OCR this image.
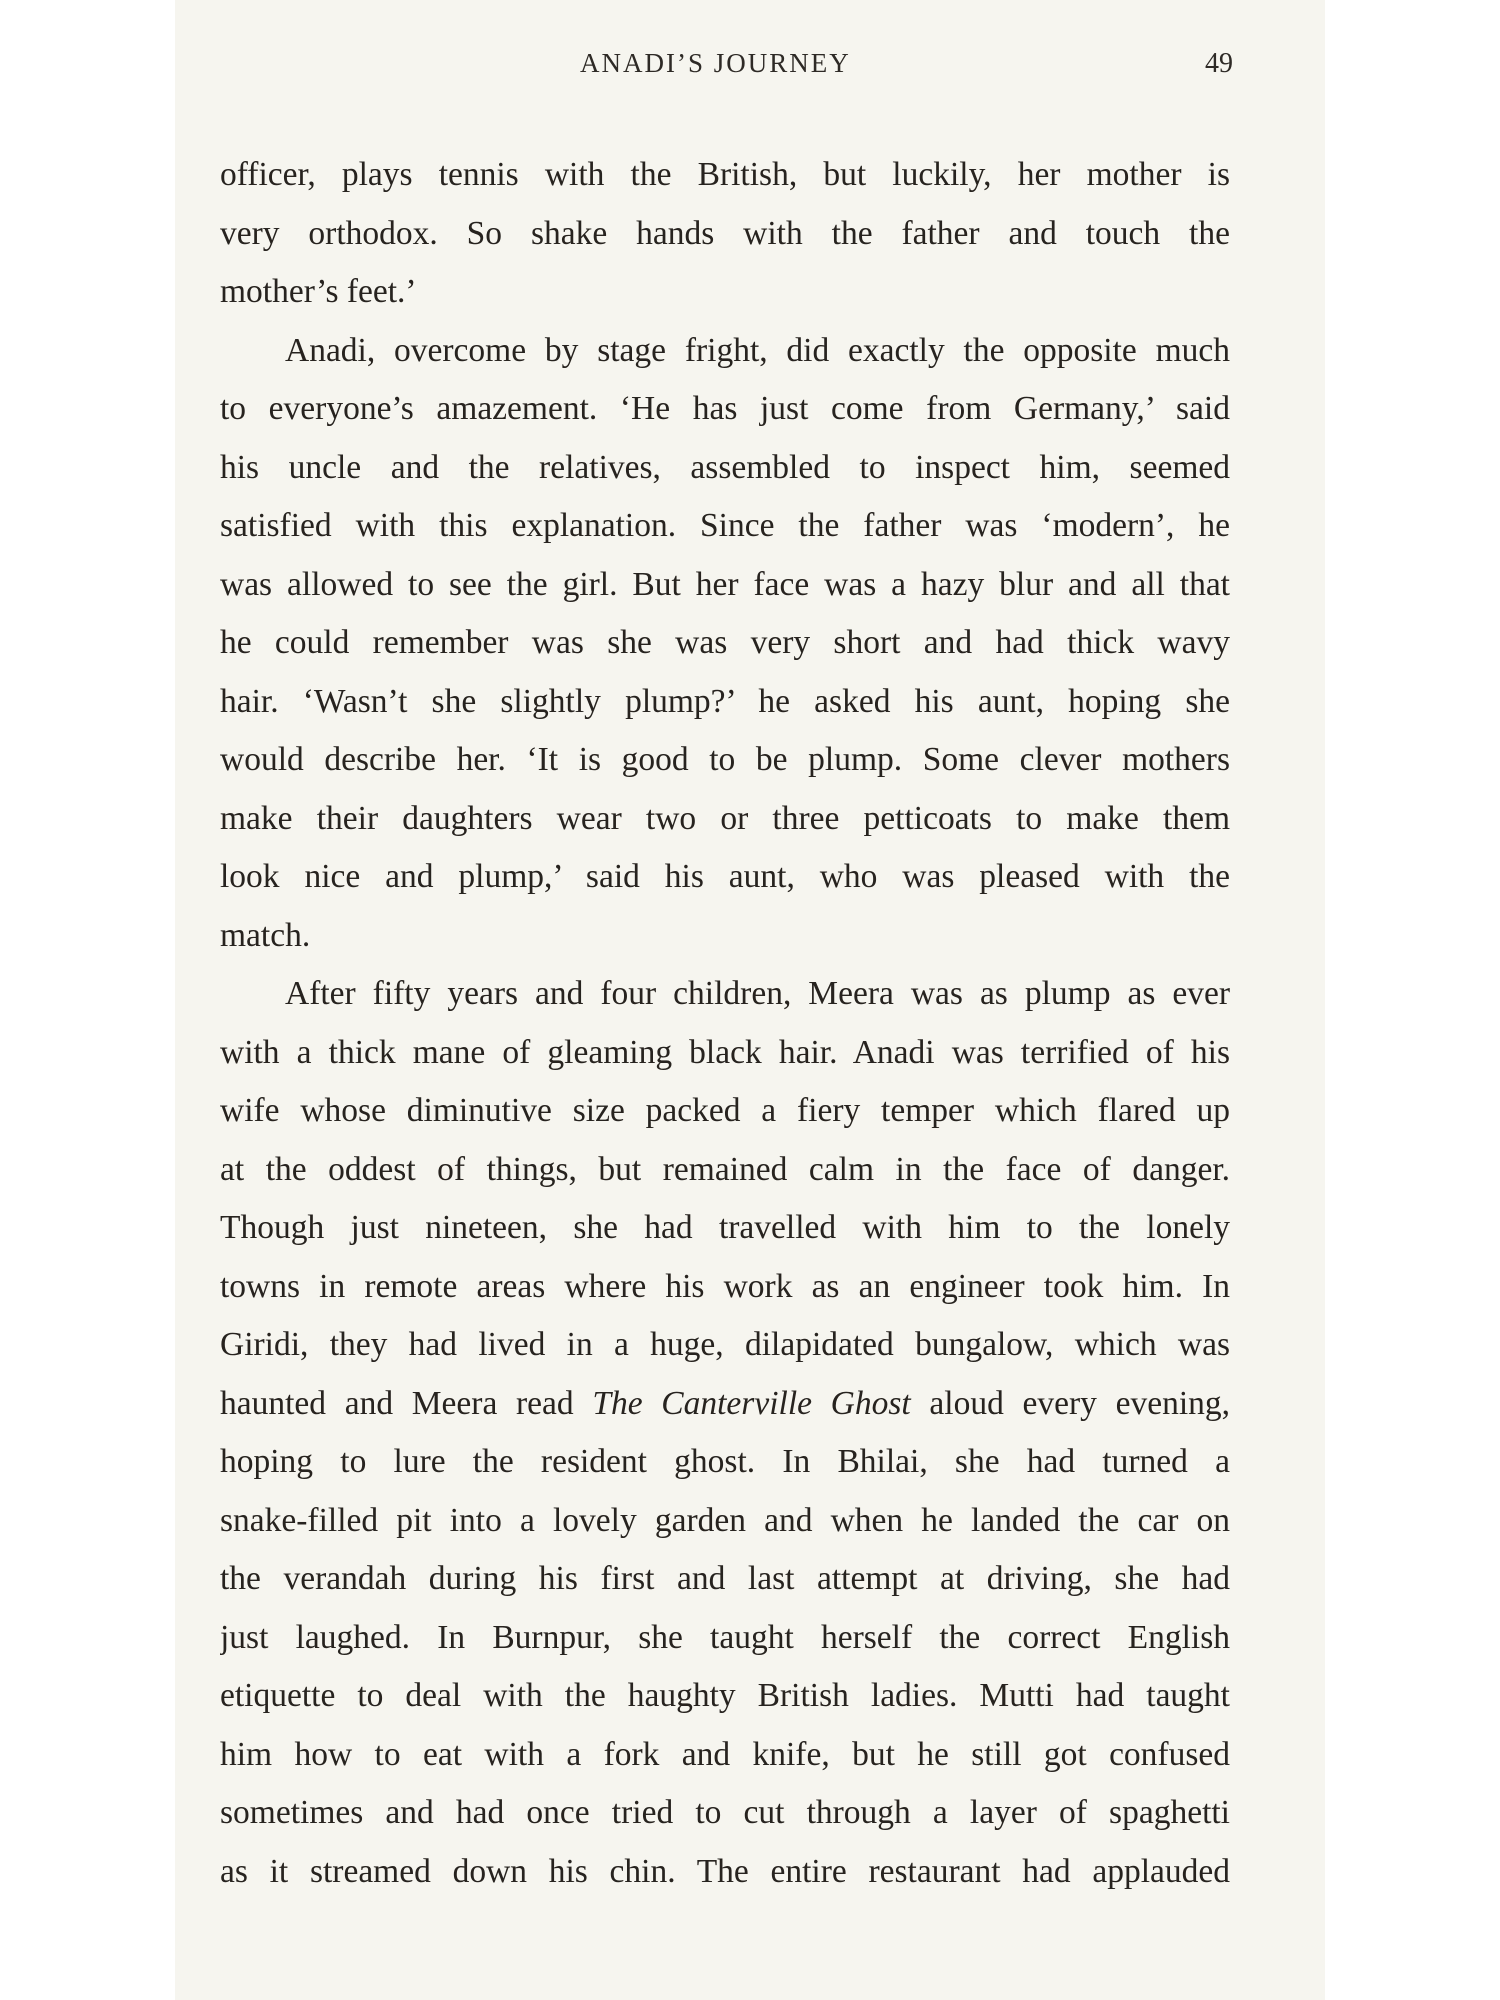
ANADI’S JOURNEY	49
officer, plays tennis with the British, but luckily, her mother is
very orthodox. So shake hands with the father and touch the
mother’s feet.’
Anadi, overcome by stage fright, did exactly the opposite much
to everyone’s amazement. ‘He has just come from Germany,’ said
his uncle and the relatives, assembled to inspect him, seemed
satisfied with this explanation. Since the father was ‘modern’, he
was allowed to see the girl. But her face was a hazy blur and all that
he could remember was she was very short and had thick wavy
hair. ‘Wasn’t she slightly plump?’ he asked his aunt, hoping she
would describe her. ‘It is good to be plump. Some clever mothers
make their daughters wear two or three petticoats to make them
look nice and plump,’ said his aunt, who was pleased with the
match.
After fifty years and four children, Meera was as plump as ever
with a thick mane of gleaming black hair. Anadi was terrified of his
wife whose diminutive size packed a fiery temper which flared up
at the oddest of things, but remained calm in the face of danger.
Though just nineteen, she had travelled with him to the lonely
towns in remote areas where his work as an engineer took him. In
Giridi, they had lived in a huge, dilapidated bungalow, which was
haunted and Meera read The Canterville Ghost aloud every evening,
hoping to lure the resident ghost. In Bhilai, she had turned a
snake-filled pit into a lovely garden and when he landed the car on
the verandah during his first and last attempt at driving, she had
just laughed. In Burnpur, she taught herself the correct English
etiquette to deal with the haughty British ladies. Mutti had taught
him how to eat with a fork and knife, but he still got confused
sometimes and had once tried to cut through a layer of spaghetti
as it streamed down his chin. The entire restaurant had applauded
